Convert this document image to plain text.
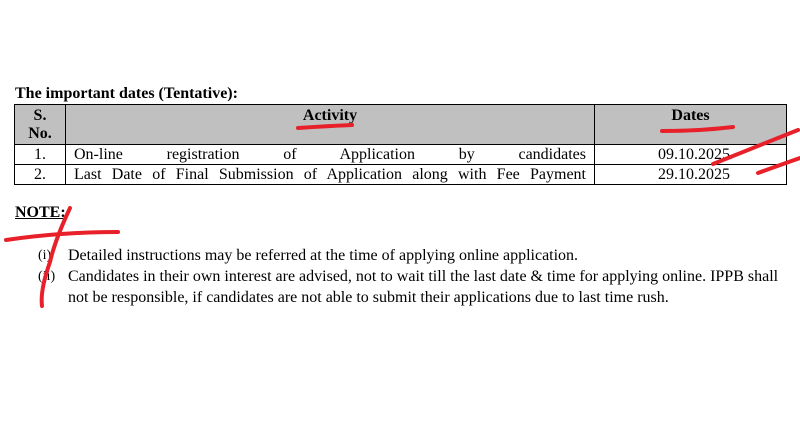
The important dates (Tentative):
S. No.	Activity	Dates
1.	On-line registration of Application by candidates	09.10.2025
2.	Last Date of Final Submission of Application along with Fee Payment	29.10.2025
NOTE:
(i) Detailed instructions may be referred at the time of applying online application.
(ii) Candidates in their own interest are advised, not to wait till the last date & time for applying online. IPPB shall not be responsible, if candidates are not able to submit their applications due to last time rush.
